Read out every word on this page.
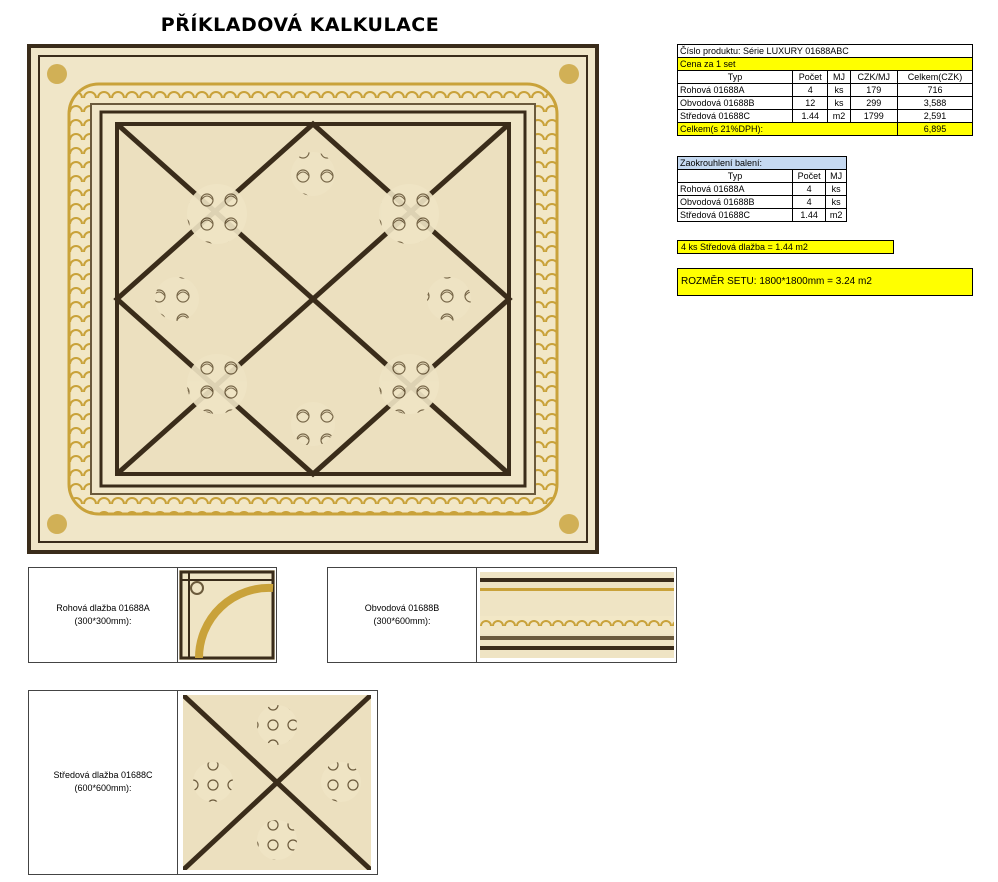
PŘÍKLADOVÁ KALKULACE
Číslo produktu: Série LUXURY 01688ABC				
Cena za 1 set				
Typ	Počet	MJ	CZK/MJ	Celkem(CZK)
Rohová 01688A	4	ks	179	716
Obvodová 01688B	12	ks	299	3,588
Středová 01688C	1.44	m2	1799	2,591
Celkem(s 21%DPH):				6,895
Zaokrouhlení balení:		
Typ	Počet	MJ
Rohová 01688A	4	ks
Obvodová 01688B	4	ks
Středová 01688C	1.44	m2
4 ks Středová dlažba = 1.44 m2
ROZMĚR SETU: 1800*1800mm = 3.24 m2
Rohová dlažba 01688A
(300*300mm):
Obvodová 01688B
(300*600mm):
Středová dlažba 01688C
(600*600mm):
